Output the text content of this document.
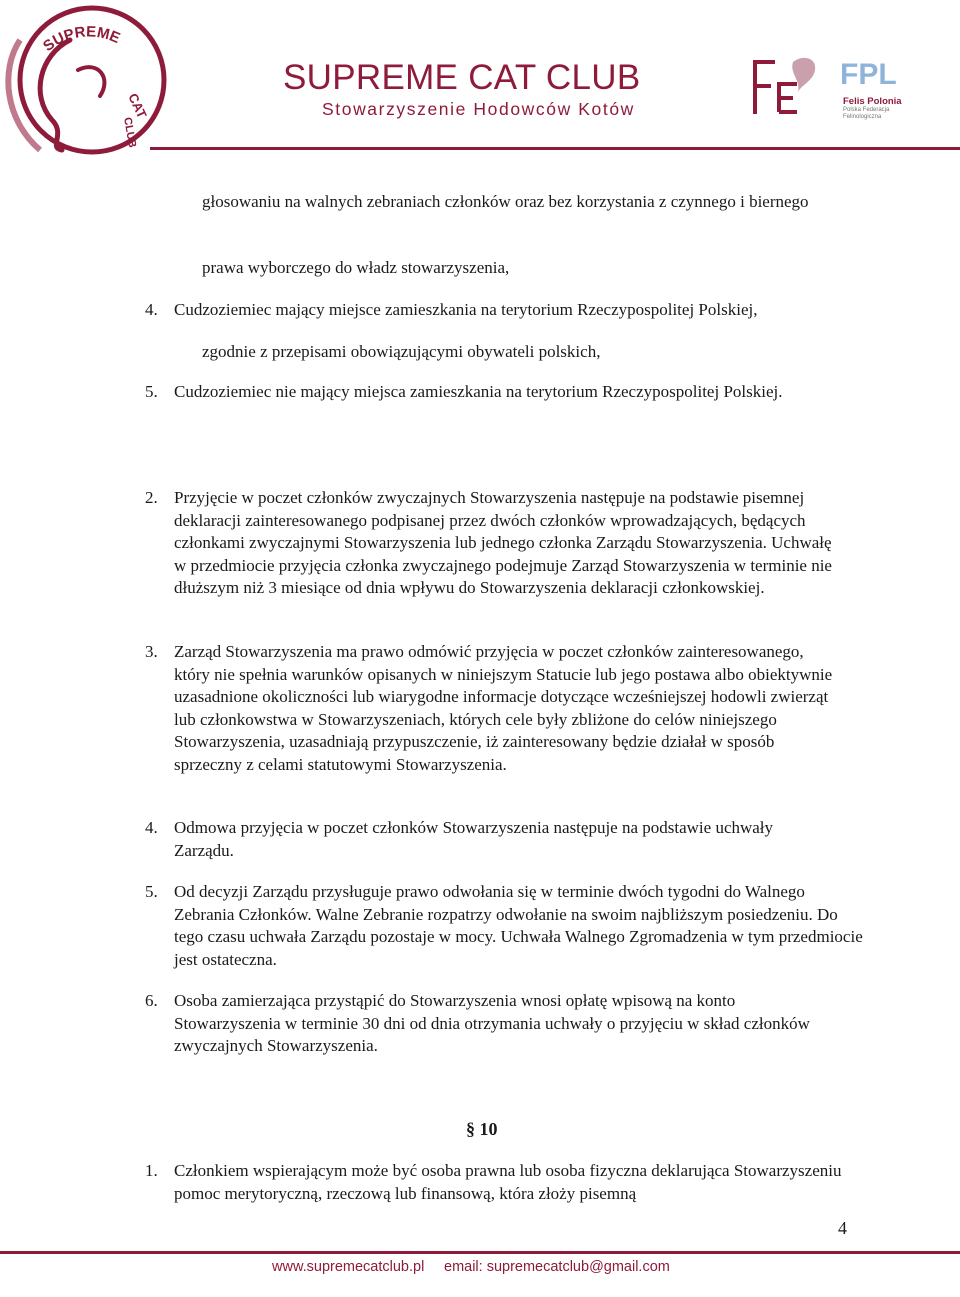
SUPREME
CAT
CLUB
SUPREME CAT CLUB
Stowarzyszenie Hodowców Kotów
FPL
Felis Polonia
Polska Federacja
Felinologiczna
głosowaniu na walnych zebraniach członków oraz bez korzystania z czynnego i biernego
prawa wyborczego do władz stowarzyszenia,
4. Cudzoziemiec mający miejsce zamieszkania na terytorium Rzeczypospolitej Polskiej,
zgodnie z przepisami obowiązującymi obywateli polskich,
5. Cudzoziemiec nie mający miejsca zamieszkania na terytorium Rzeczypospolitej Polskiej.
2. Przyjęcie w poczet członków zwyczajnych Stowarzyszenia następuje na podstawie pisemnej deklaracji zainteresowanego podpisanej przez dwóch członków wprowadzających, będących członkami zwyczajnymi Stowarzyszenia lub jednego członka Zarządu Stowarzyszenia. Uchwałę w przedmiocie przyjęcia członka zwyczajnego podejmuje Zarząd Stowarzyszenia w terminie nie dłuższym niż 3 miesiące od dnia wpływu do Stowarzyszenia deklaracji członkowskiej.
3. Zarząd Stowarzyszenia ma prawo odmówić przyjęcia w poczet członków zainteresowanego, który nie spełnia warunków opisanych w niniejszym Statucie lub jego postawa albo obiektywnie uzasadnione okoliczności lub wiarygodne informacje dotyczące wcześniejszej hodowli zwierząt lub członkowstwa w Stowarzyszeniach, których cele były zbliżone do celów niniejszego Stowarzyszenia, uzasadniają przypuszczenie, iż zainteresowany będzie działał w sposób sprzeczny z celami statutowymi Stowarzyszenia.
4. Odmowa przyjęcia w poczet członków Stowarzyszenia następuje na podstawie uchwały Zarządu.
5. Od decyzji Zarządu przysługuje prawo odwołania się w terminie dwóch tygodni do Walnego Zebrania Członków. Walne Zebranie rozpatrzy odwołanie na swoim najbliższym posiedzeniu. Do tego czasu uchwała Zarządu pozostaje w mocy. Uchwała Walnego Zgromadzenia w tym przedmiocie jest ostateczna.
6. Osoba zamierzająca przystąpić do Stowarzyszenia wnosi opłatę wpisową na konto Stowarzyszenia w terminie 30 dni od dnia otrzymania uchwały o przyjęciu w skład członków zwyczajnych Stowarzyszenia.
§ 10
1. Członkiem wspierającym może być osoba prawna lub osoba fizyczna deklarująca Stowarzyszeniu pomoc merytoryczną, rzeczową lub finansową, która złoży pisemną
4
www.supremecatclub.pl email: supremecatclub@gmail.com
